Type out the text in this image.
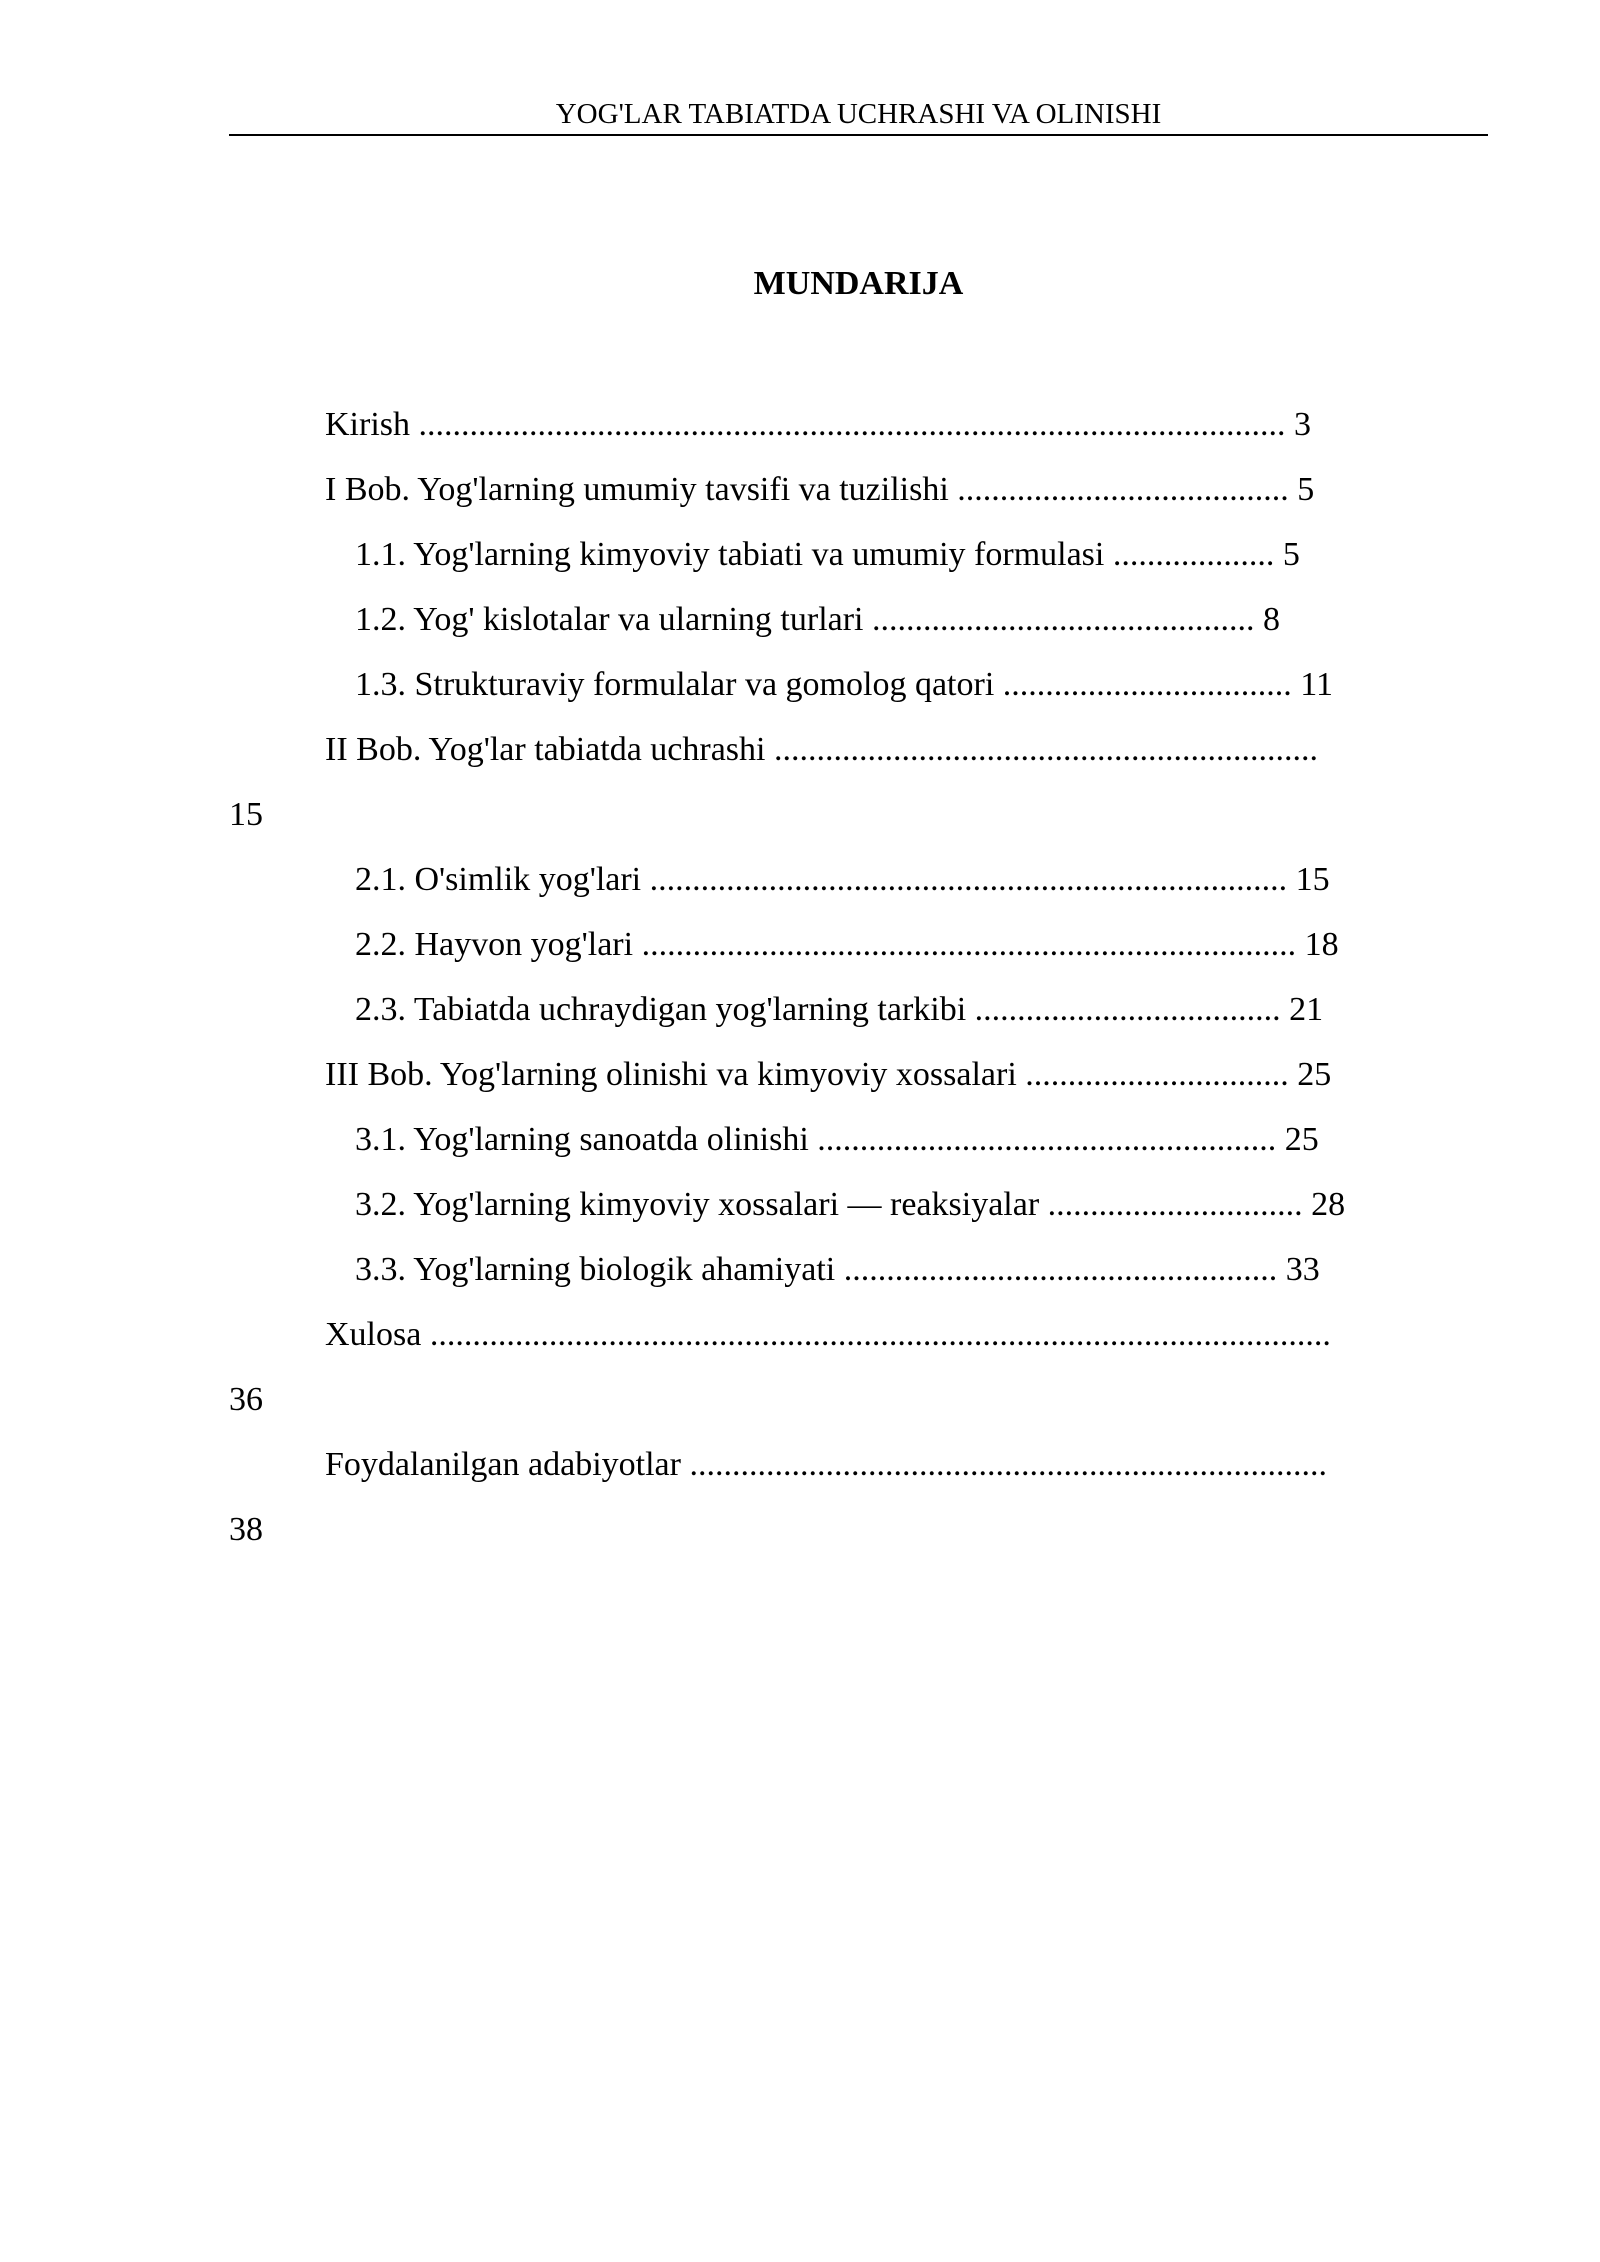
YOG'LAR TABIATDA UCHRASHI VA OLINISHI
MUNDARIJA
Kirish ...................................................................................................... 3
I Bob. Yog'larning umumiy tavsifi va tuzilishi ....................................... 5
1.1. Yog'larning kimyoviy tabiati va umumiy formulasi ................... 5
1.2. Yog' kislotalar va ularning turlari ............................................. 8
1.3. Strukturaviy formulalar va gomolog qatori .................................. 11
II Bob. Yog'lar tabiatda uchrashi ................................................................
15
2.1. O'simlik yog'lari ........................................................................... 15
2.2. Hayvon yog'lari ............................................................................. 18
2.3. Tabiatda uchraydigan yog'larning tarkibi .................................... 21
III Bob. Yog'larning olinishi va kimyoviy xossalari ............................... 25
3.1. Yog'larning sanoatda olinishi ...................................................... 25
3.2. Yog'larning kimyoviy xossalari — reaksiyalar .............................. 28
3.3. Yog'larning biologik ahamiyati ................................................... 33
Xulosa ..........................................................................................................
36
Foydalanilgan adabiyotlar ...........................................................................
38
